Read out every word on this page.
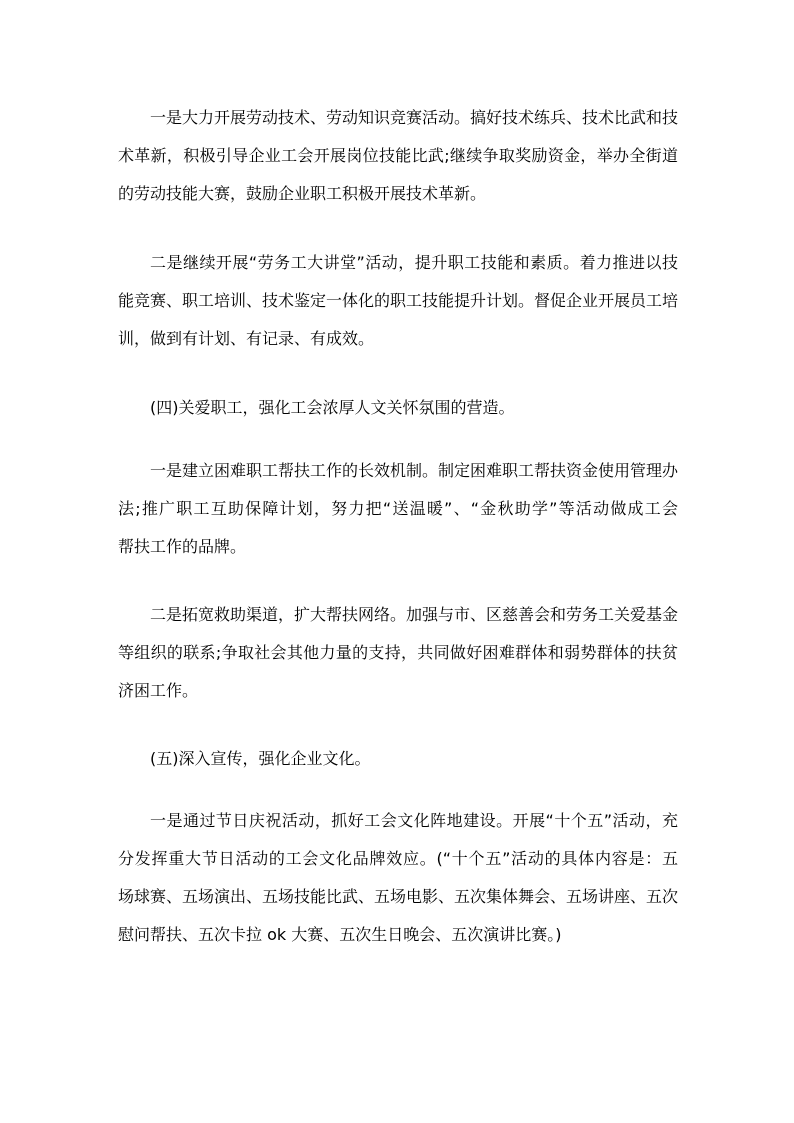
一是大力开展劳动技术、劳动知识竞赛活动。搞好技术练兵、技术比武和技
术革新，积极引导企业工会开展岗位技能比武;继续争取奖励资金，举办全街道
的劳动技能大赛，鼓励企业职工积极开展技术革新。
二是继续开展“劳务工大讲堂”活动，提升职工技能和素质。着力推进以技
能竞赛、职工培训、技术鉴定一体化的职工技能提升计划。督促企业开展员工培
训，做到有计划、有记录、有成效。
(四)关爱职工，强化工会浓厚人文关怀氛围的营造。
一是建立困难职工帮扶工作的长效机制。制定困难职工帮扶资金使用管理办
法;推广职工互助保障计划，努力把“送温暖”、“金秋助学”等活动做成工会
帮扶工作的品牌。
二是拓宽救助渠道，扩大帮扶网络。加强与市、区慈善会和劳务工关爱基金
等组织的联系;争取社会其他力量的支持，共同做好困难群体和弱势群体的扶贫
济困工作。
(五)深入宣传，强化企业文化。
一是通过节日庆祝活动，抓好工会文化阵地建设。开展“十个五”活动，充
分发挥重大节日活动的工会文化品牌效应。(“十个五”活动的具体内容是：五
场球赛、五场演出、五场技能比武、五场电影、五次集体舞会、五场讲座、五次
慰问帮扶、五次卡拉 ok 大赛、五次生日晚会、五次演讲比赛。)
